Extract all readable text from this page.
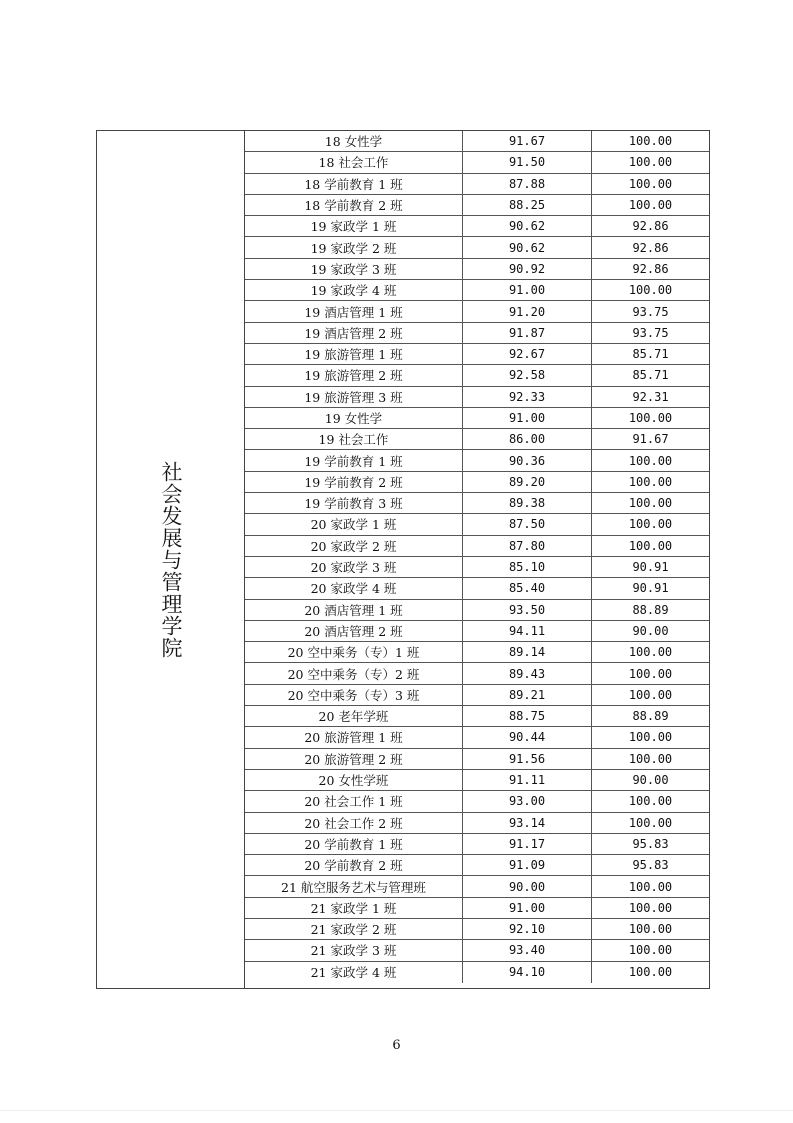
社会发展与管理学院
18 女性学	91.67	100.00
18 社会工作	91.50	100.00
18 学前教育 1 班	87.88	100.00
18 学前教育 2 班	88.25	100.00
19 家政学 1 班	90.62	92.86
19 家政学 2 班	90.62	92.86
19 家政学 3 班	90.92	92.86
19 家政学 4 班	91.00	100.00
19 酒店管理 1 班	91.20	93.75
19 酒店管理 2 班	91.87	93.75
19 旅游管理 1 班	92.67	85.71
19 旅游管理 2 班	92.58	85.71
19 旅游管理 3 班	92.33	92.31
19 女性学	91.00	100.00
19 社会工作	86.00	91.67
19 学前教育 1 班	90.36	100.00
19 学前教育 2 班	89.20	100.00
19 学前教育 3 班	89.38	100.00
20 家政学 1 班	87.50	100.00
20 家政学 2 班	87.80	100.00
20 家政学 3 班	85.10	90.91
20 家政学 4 班	85.40	90.91
20 酒店管理 1 班	93.50	88.89
20 酒店管理 2 班	94.11	90.00
20 空中乘务（专）1 班	89.14	100.00
20 空中乘务（专）2 班	89.43	100.00
20 空中乘务（专）3 班	89.21	100.00
20 老年学班	88.75	88.89
20 旅游管理 1 班	90.44	100.00
20 旅游管理 2 班	91.56	100.00
20 女性学班	91.11	90.00
20 社会工作 1 班	93.00	100.00
20 社会工作 2 班	93.14	100.00
20 学前教育 1 班	91.17	95.83
20 学前教育 2 班	91.09	95.83
21 航空服务艺术与管理班	90.00	100.00
21 家政学 1 班	91.00	100.00
21 家政学 2 班	92.10	100.00
21 家政学 3 班	93.40	100.00
21 家政学 4 班	94.10	100.00
6
